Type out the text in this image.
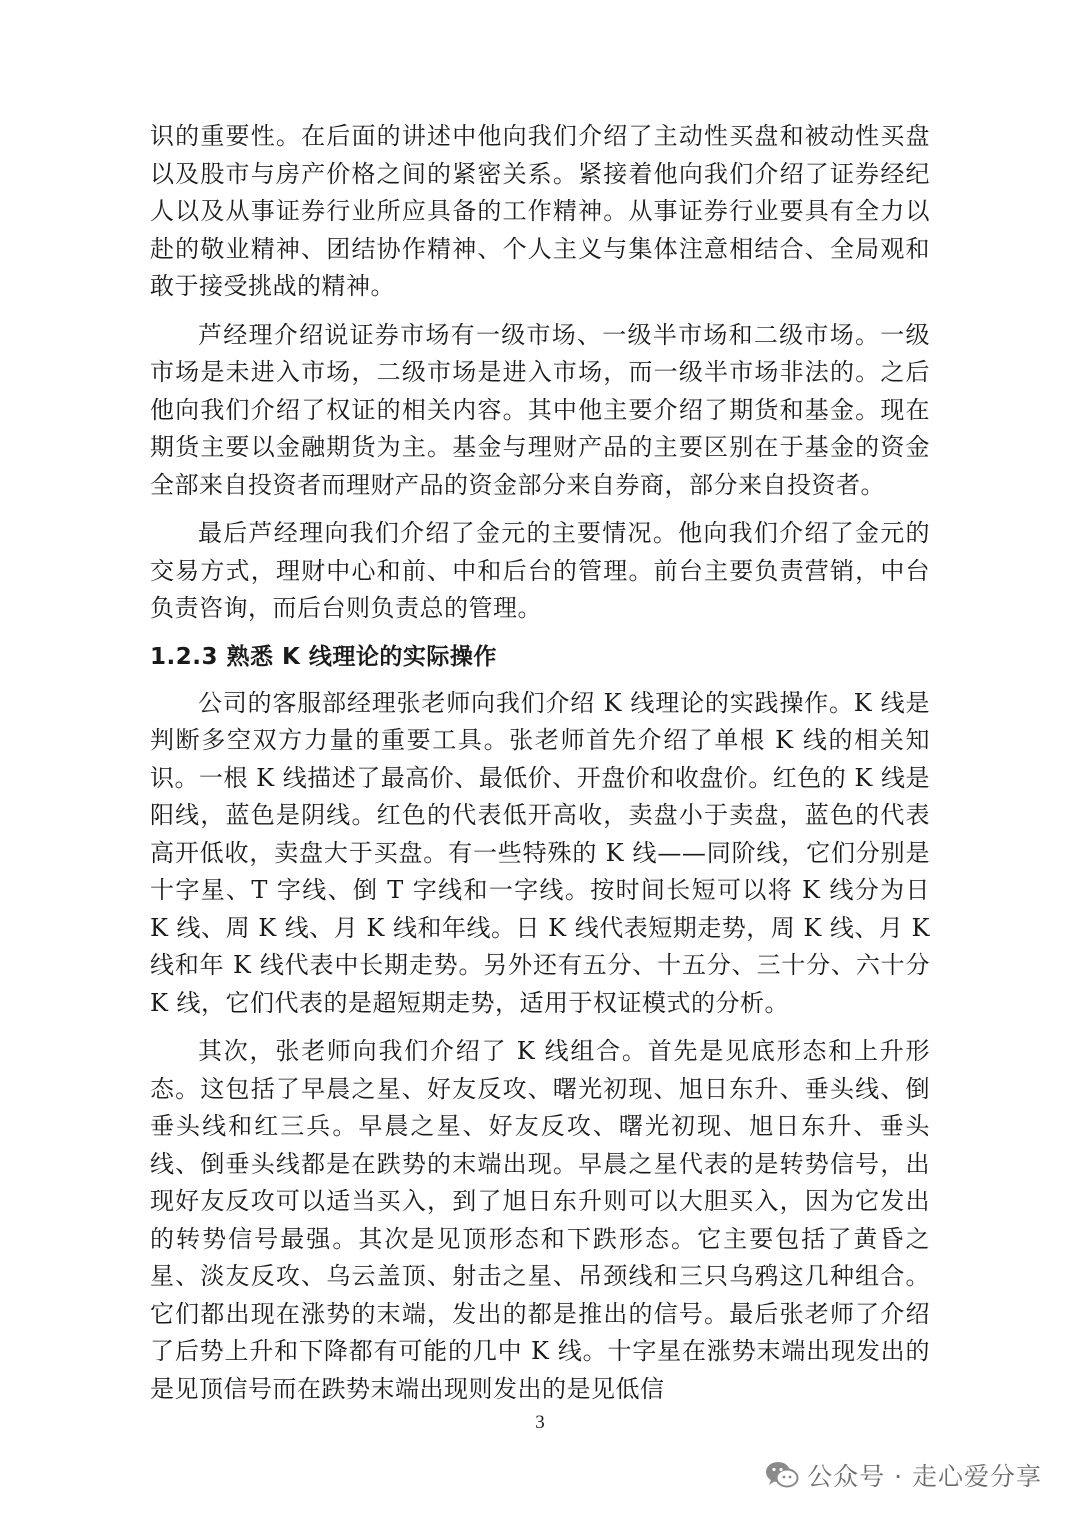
识的重要性。在后面的讲述中他向我们介绍了主动性买盘和被动性买盘以及股市与房产价格之间的紧密关系。紧接着他向我们介绍了证券经纪人以及从事证券行业所应具备的工作精神。从事证券行业要具有全力以赴的敬业精神、团结协作精神、个人主义与集体注意相结合、全局观和敢于接受挑战的精神。

芦经理介绍说证券市场有一级市场、一级半市场和二级市场。一级市场是未进入市场，二级市场是进入市场，而一级半市场非法的。之后他向我们介绍了权证的相关内容。其中他主要介绍了期货和基金。现在期货主要以金融期货为主。基金与理财产品的主要区别在于基金的资金全部来自投资者而理财产品的资金部分来自券商，部分来自投资者。

最后芦经理向我们介绍了金元的主要情况。他向我们介绍了金元的交易方式，理财中心和前、中和后台的管理。前台主要负责营销，中台负责咨询，而后台则负责总的管理。

1.2.3 熟悉 K 线理论的实际操作

公司的客服部经理张老师向我们介绍 K 线理论的实践操作。K 线是判断多空双方力量的重要工具。张老师首先介绍了单根 K 线的相关知识。一根 K 线描述了最高价、最低价、开盘价和收盘价。红色的 K 线是阳线，蓝色是阴线。红色的代表低开高收，卖盘小于卖盘，蓝色的代表高开低收，卖盘大于买盘。有一些特殊的 K 线——同阶线，它们分别是十字星、T 字线、倒 T 字线和一字线。按时间长短可以将 K 线分为日 K 线、周 K 线、月 K 线和年线。日 K 线代表短期走势，周 K 线、月 K 线和年 K 线代表中长期走势。另外还有五分、十五分、三十分、六十分 K 线，它们代表的是超短期走势，适用于权证模式的分析。

其次，张老师向我们介绍了 K 线组合。首先是见底形态和上升形态。这包括了早晨之星、好友反攻、曙光初现、旭日东升、垂头线、倒垂头线和红三兵。早晨之星、好友反攻、曙光初现、旭日东升、垂头线、倒垂头线都是在跌势的末端出现。早晨之星代表的是转势信号，出现好友反攻可以适当买入，到了旭日东升则可以大胆买入，因为它发出的转势信号最强。其次是见顶形态和下跌形态。它主要包括了黄昏之星、淡友反攻、乌云盖顶、射击之星、吊颈线和三只乌鸦这几种组合。它们都出现在涨势的末端，发出的都是推出的信号。最后张老师了介绍了后势上升和下降都有可能的几中 K 线。十字星在涨势末端出现发出的是见顶信号而在跌势末端出现则发出的是见低信

3
公众号 · 走心爱分享
